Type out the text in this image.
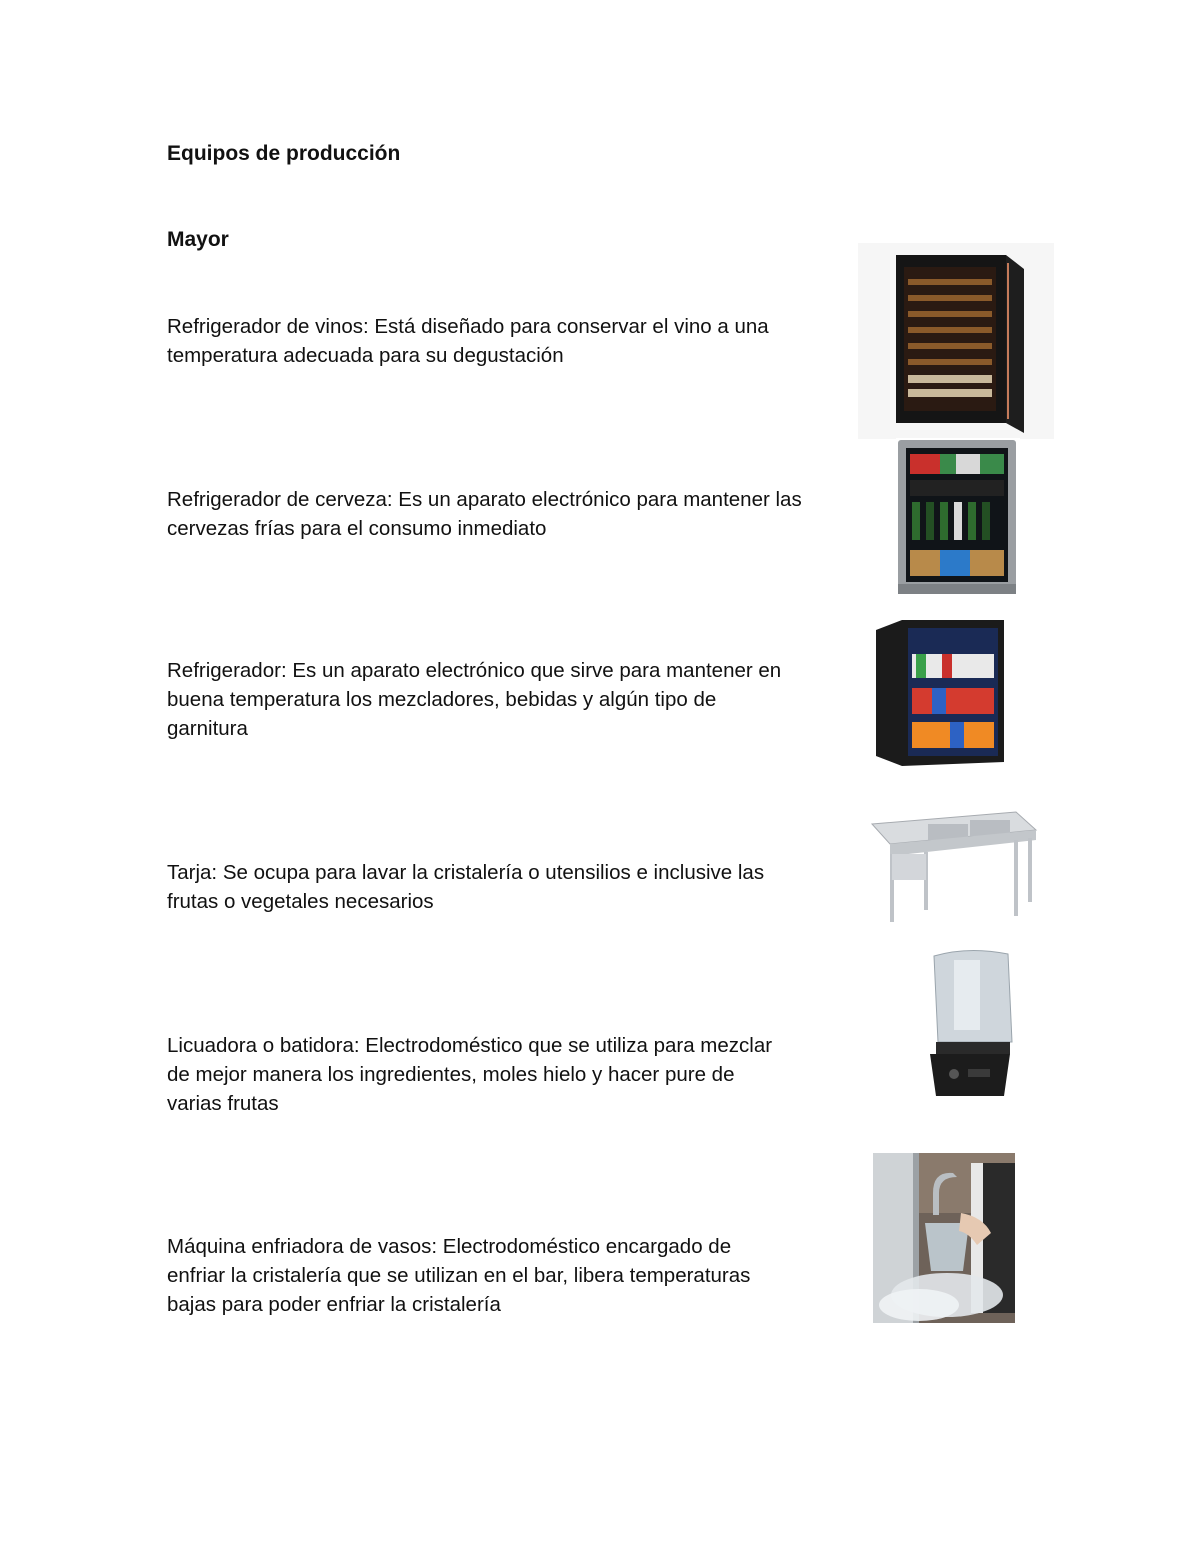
Equipos de producción
Mayor
Refrigerador de vinos: Está diseñado para conservar el vino a una
temperatura adecuada para su degustación
Refrigerador de cerveza: Es un aparato electrónico para mantener las
cervezas frías para el consumo inmediato
Refrigerador: Es un aparato electrónico que sirve para mantener en
buena temperatura los mezcladores, bebidas y algún tipo de
garnitura
Tarja: Se ocupa para lavar la cristalería o utensilios e inclusive las
frutas o vegetales necesarios
Licuadora o batidora: Electrodoméstico que se utiliza para mezclar
de mejor manera los ingredientes, moles hielo y hacer pure de
varias frutas
Máquina enfriadora de vasos: Electrodoméstico encargado de
enfriar la cristalería que se utilizan en el bar, libera temperaturas
bajas para poder enfriar la cristalería
